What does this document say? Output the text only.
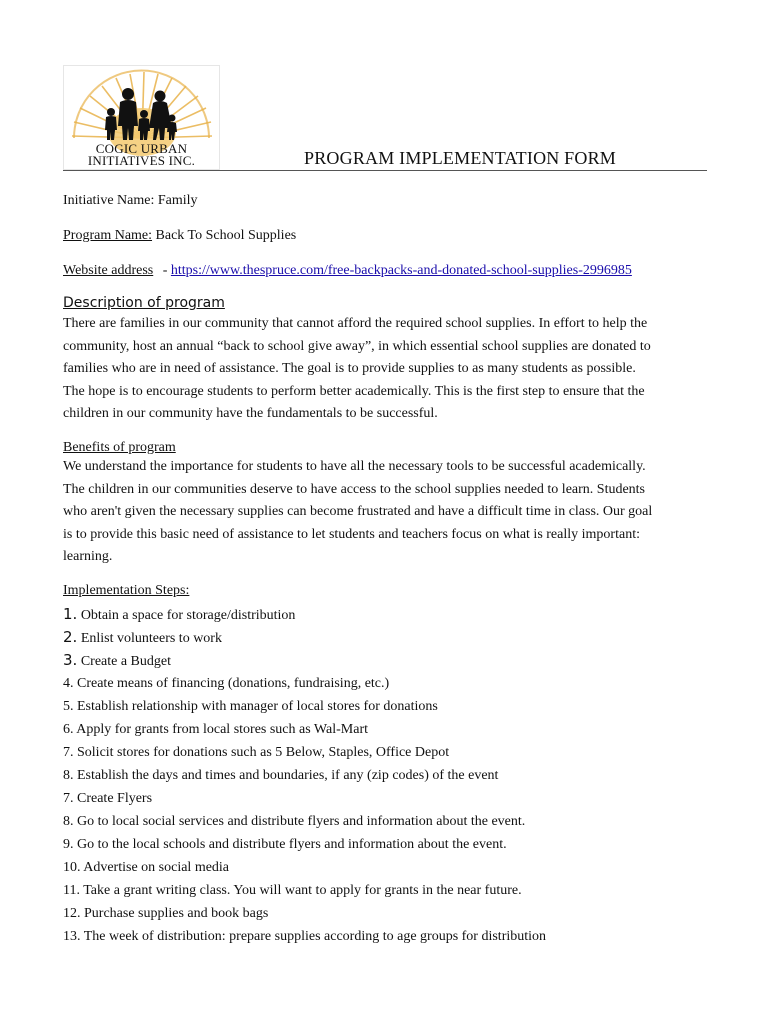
COGIC URBAN
INITIATIVES INC.	PROGRAM IMPLEMENTATION FORM
Initiative Name: Family
Program Name: Back To School Supplies
Website address - https://www.thespruce.com/free-backpacks-and-donated-school-supplies-2996985
Description of program
There are families in our community that cannot afford the required school supplies. In effort to help the
community, host an annual “back to school give away”, in which essential school supplies are donated to
families who are in need of assistance. The goal is to provide supplies to as many students as possible.
The hope is to encourage students to perform better academically. This is the first step to ensure that the
children in our community have the fundamentals to be successful.
Benefits of program
We understand the importance for students to have all the necessary tools to be successful academically.
The children in our communities deserve to have access to the school supplies needed to learn. Students
who aren't given the necessary supplies can become frustrated and have a difficult time in class. Our goal
is to provide this basic need of assistance to let students and teachers focus on what is really important:
learning.
Implementation Steps:
1. Obtain a space for storage/distribution
2. Enlist volunteers to work
3. Create a Budget
4. Create means of financing (donations, fundraising, etc.)
5. Establish relationship with manager of local stores for donations
6. Apply for grants from local stores such as Wal-Mart
7. Solicit stores for donations such as 5 Below, Staples, Office Depot
8. Establish the days and times and boundaries, if any (zip codes) of the event
7. Create Flyers
8. Go to local social services and distribute flyers and information about the event.
9. Go to the local schools and distribute flyers and information about the event.
10. Advertise on social media
11. Take a grant writing class. You will want to apply for grants in the near future.
12. Purchase supplies and book bags
13. The week of distribution: prepare supplies according to age groups for distribution
